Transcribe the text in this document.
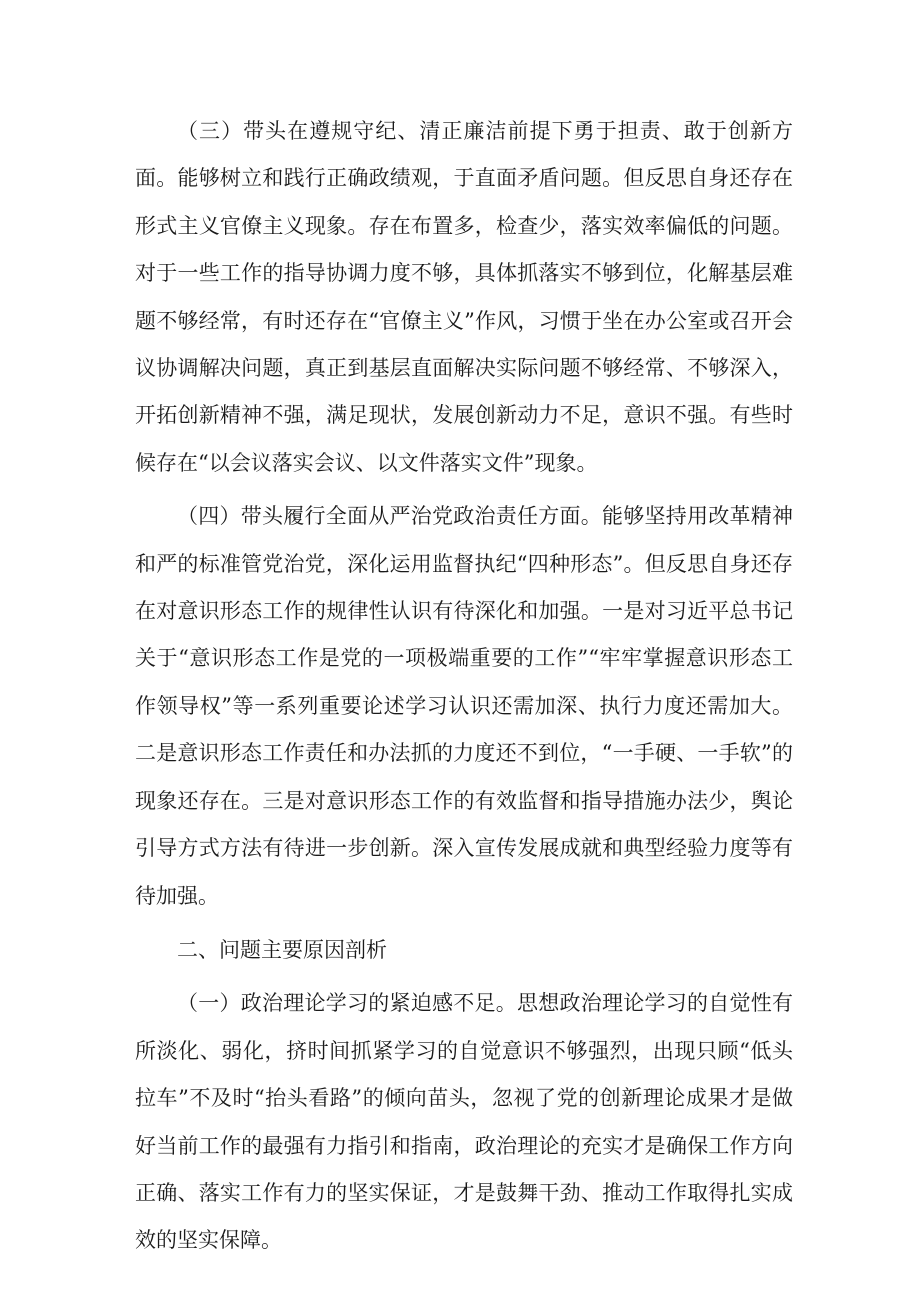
（三）带头在遵规守纪、清正廉洁前提下勇于担责、敢于创新方面。能够树立和践行正确政绩观，于直面矛盾问题。但反思自身还存在形式主义官僚主义现象。存在布置多，检查少，落实效率偏低的问题。对于一些工作的指导协调力度不够，具体抓落实不够到位，化解基层难题不够经常，有时还存在“官僚主义”作风，习惯于坐在办公室或召开会议协调解决问题，真正到基层直面解决实际问题不够经常、不够深入，开拓创新精神不强，满足现状，发展创新动力不足，意识不强。有些时候存在“以会议落实会议、以文件落实文件”现象。

（四）带头履行全面从严治党政治责任方面。能够坚持用改革精神和严的标准管党治党，深化运用监督执纪“四种形态”。但反思自身还存在对意识形态工作的规律性认识有待深化和加强。一是对习近平总书记关于“意识形态工作是党的一项极端重要的工作”“牢牢掌握意识形态工作领导权”等一系列重要论述学习认识还需加深、执行力度还需加大。二是意识形态工作责任和办法抓的力度还不到位，“一手硬、一手软”的现象还存在。三是对意识形态工作的有效监督和指导措施办法少，舆论引导方式方法有待进一步创新。深入宣传发展成就和典型经验力度等有待加强。

二、问题主要原因剖析

（一）政治理论学习的紧迫感不足。思想政治理论学习的自觉性有所淡化、弱化，挤时间抓紧学习的自觉意识不够强烈，出现只顾“低头拉车”不及时“抬头看路”的倾向苗头，忽视了党的创新理论成果才是做好当前工作的最强有力指引和指南，政治理论的充实才是确保工作方向正确、落实工作有力的坚实保证，才是鼓舞干劲、推动工作取得扎实成效的坚实保障。
